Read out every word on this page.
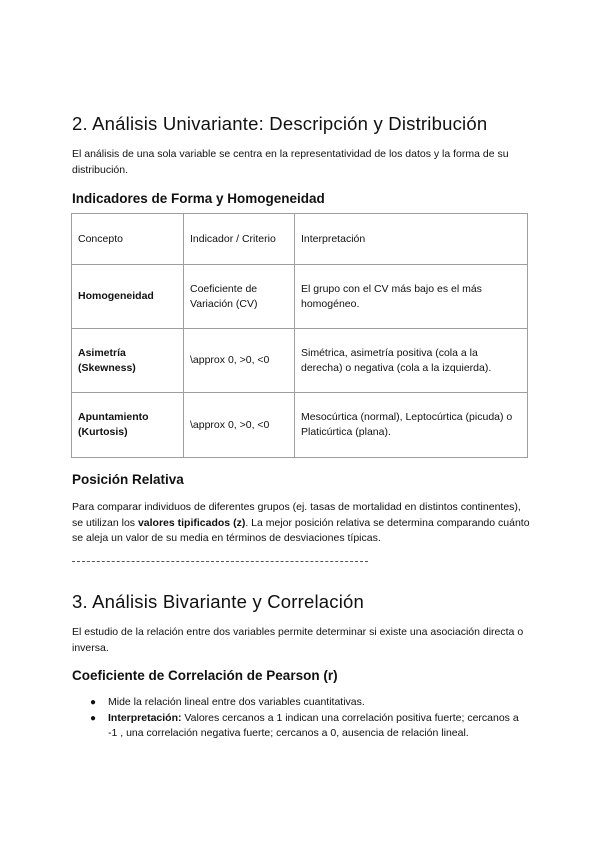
2. Análisis Univariante: Descripción y Distribución

El análisis de una sola variable se centra en la representatividad de los datos y la forma de su distribución.

Indicadores de Forma y Homogeneidad
Concepto	Indicador / Criterio	Interpretación
Homogeneidad	Coeficiente de Variación (CV)	El grupo con el CV más bajo es el más homogéneo.
Asimetría (Skewness)	\approx 0, >0, <0	Simétrica, asimetría positiva (cola a la derecha) o negativa (cola a la izquierda).
Apuntamiento (Kurtosis)	\approx 0, >0, <0	Mesocúrtica (normal), Leptocúrtica (picuda) o Platicúrtica (plana).
Posición Relativa

Para comparar individuos de diferentes grupos (ej. tasas de mortalidad en distintos continentes), se utilizan los valores tipificados (z). La mejor posición relativa se determina comparando cuánto se aleja un valor de su media en términos de desviaciones típicas.

3. Análisis Bivariante y Correlación

El estudio de la relación entre dos variables permite determinar si existe una asociación directa o inversa.

Coeficiente de Correlación de Pearson (r)
● Mide la relación lineal entre dos variables cuantitativas.
● Interpretación: Valores cercanos a 1 indican una correlación positiva fuerte; cercanos a -1 , una correlación negativa fuerte; cercanos a 0, ausencia de relación lineal.
